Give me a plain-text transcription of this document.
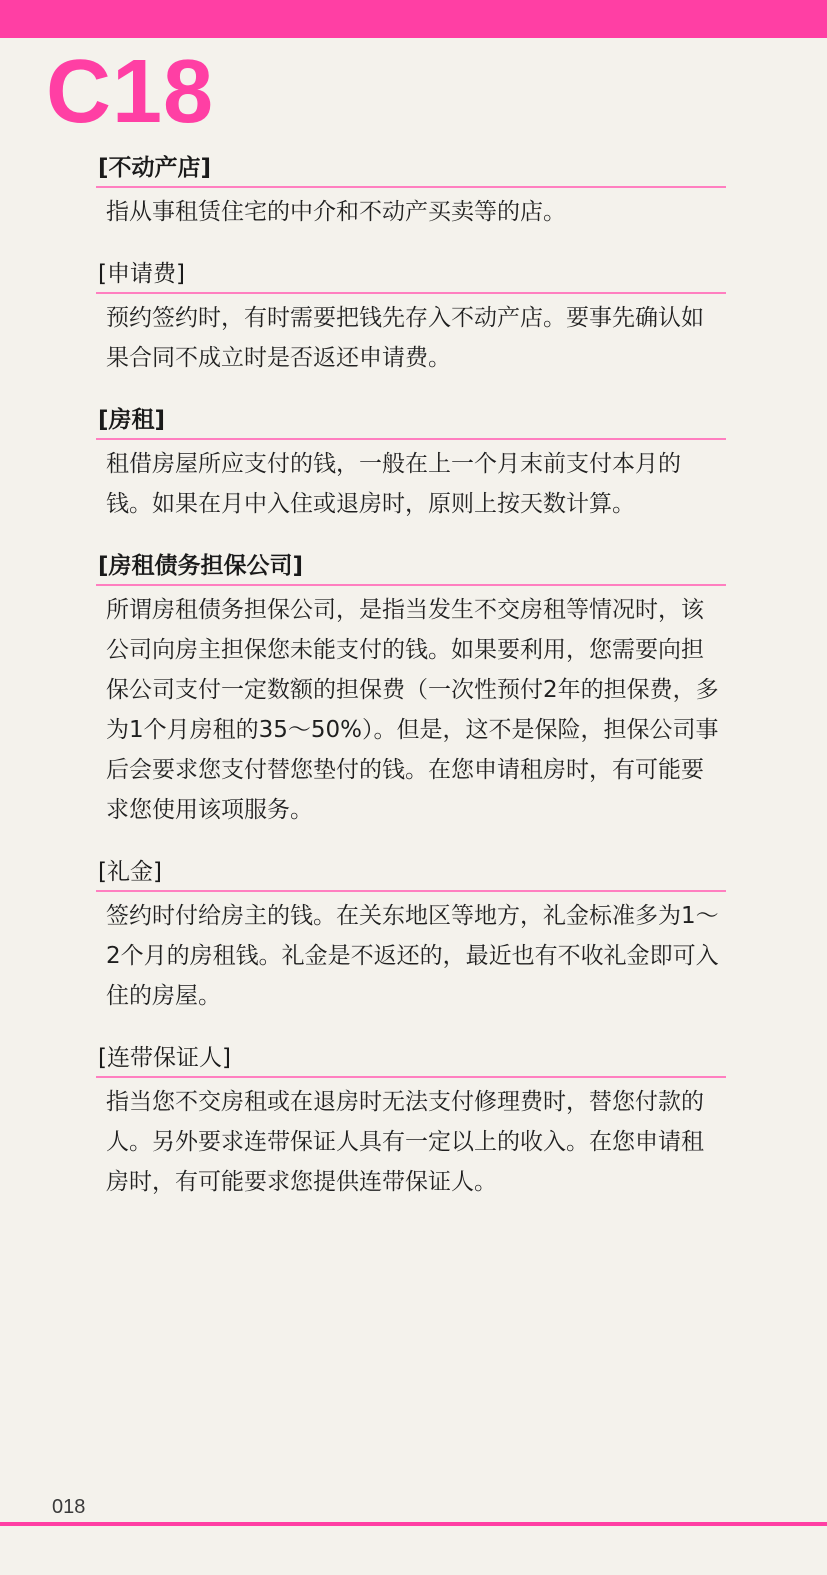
C18
[不动产店]
指从事租赁住宅的中介和不动产买卖等的店。
[申请费]
预约签约时，有时需要把钱先存入不动产店。要事先确认如果合同不成立时是否返还申请费。
[房租]
租借房屋所应支付的钱，一般在上一个月末前支付本月的钱。如果在月中入住或退房时，原则上按天数计算。
[房租债务担保公司]
所谓房租债务担保公司，是指当发生不交房租等情况时，该公司向房主担保您未能支付的钱。如果要利用，您需要向担保公司支付一定数额的担保费（一次性预付2年的担保费，多为1个月房租的35～50%）。但是，这不是保险，担保公司事后会要求您支付替您垫付的钱。在您申请租房时，有可能要求您使用该项服务。
[礼金]
签约时付给房主的钱。在关东地区等地方，礼金标准多为1～2个月的房租钱。礼金是不返还的，最近也有不收礼金即可入住的房屋。
[连带保证人]
指当您不交房租或在退房时无法支付修理费时，替您付款的人。另外要求连带保证人具有一定以上的收入。在您申请租房时，有可能要求您提供连带保证人。
018
